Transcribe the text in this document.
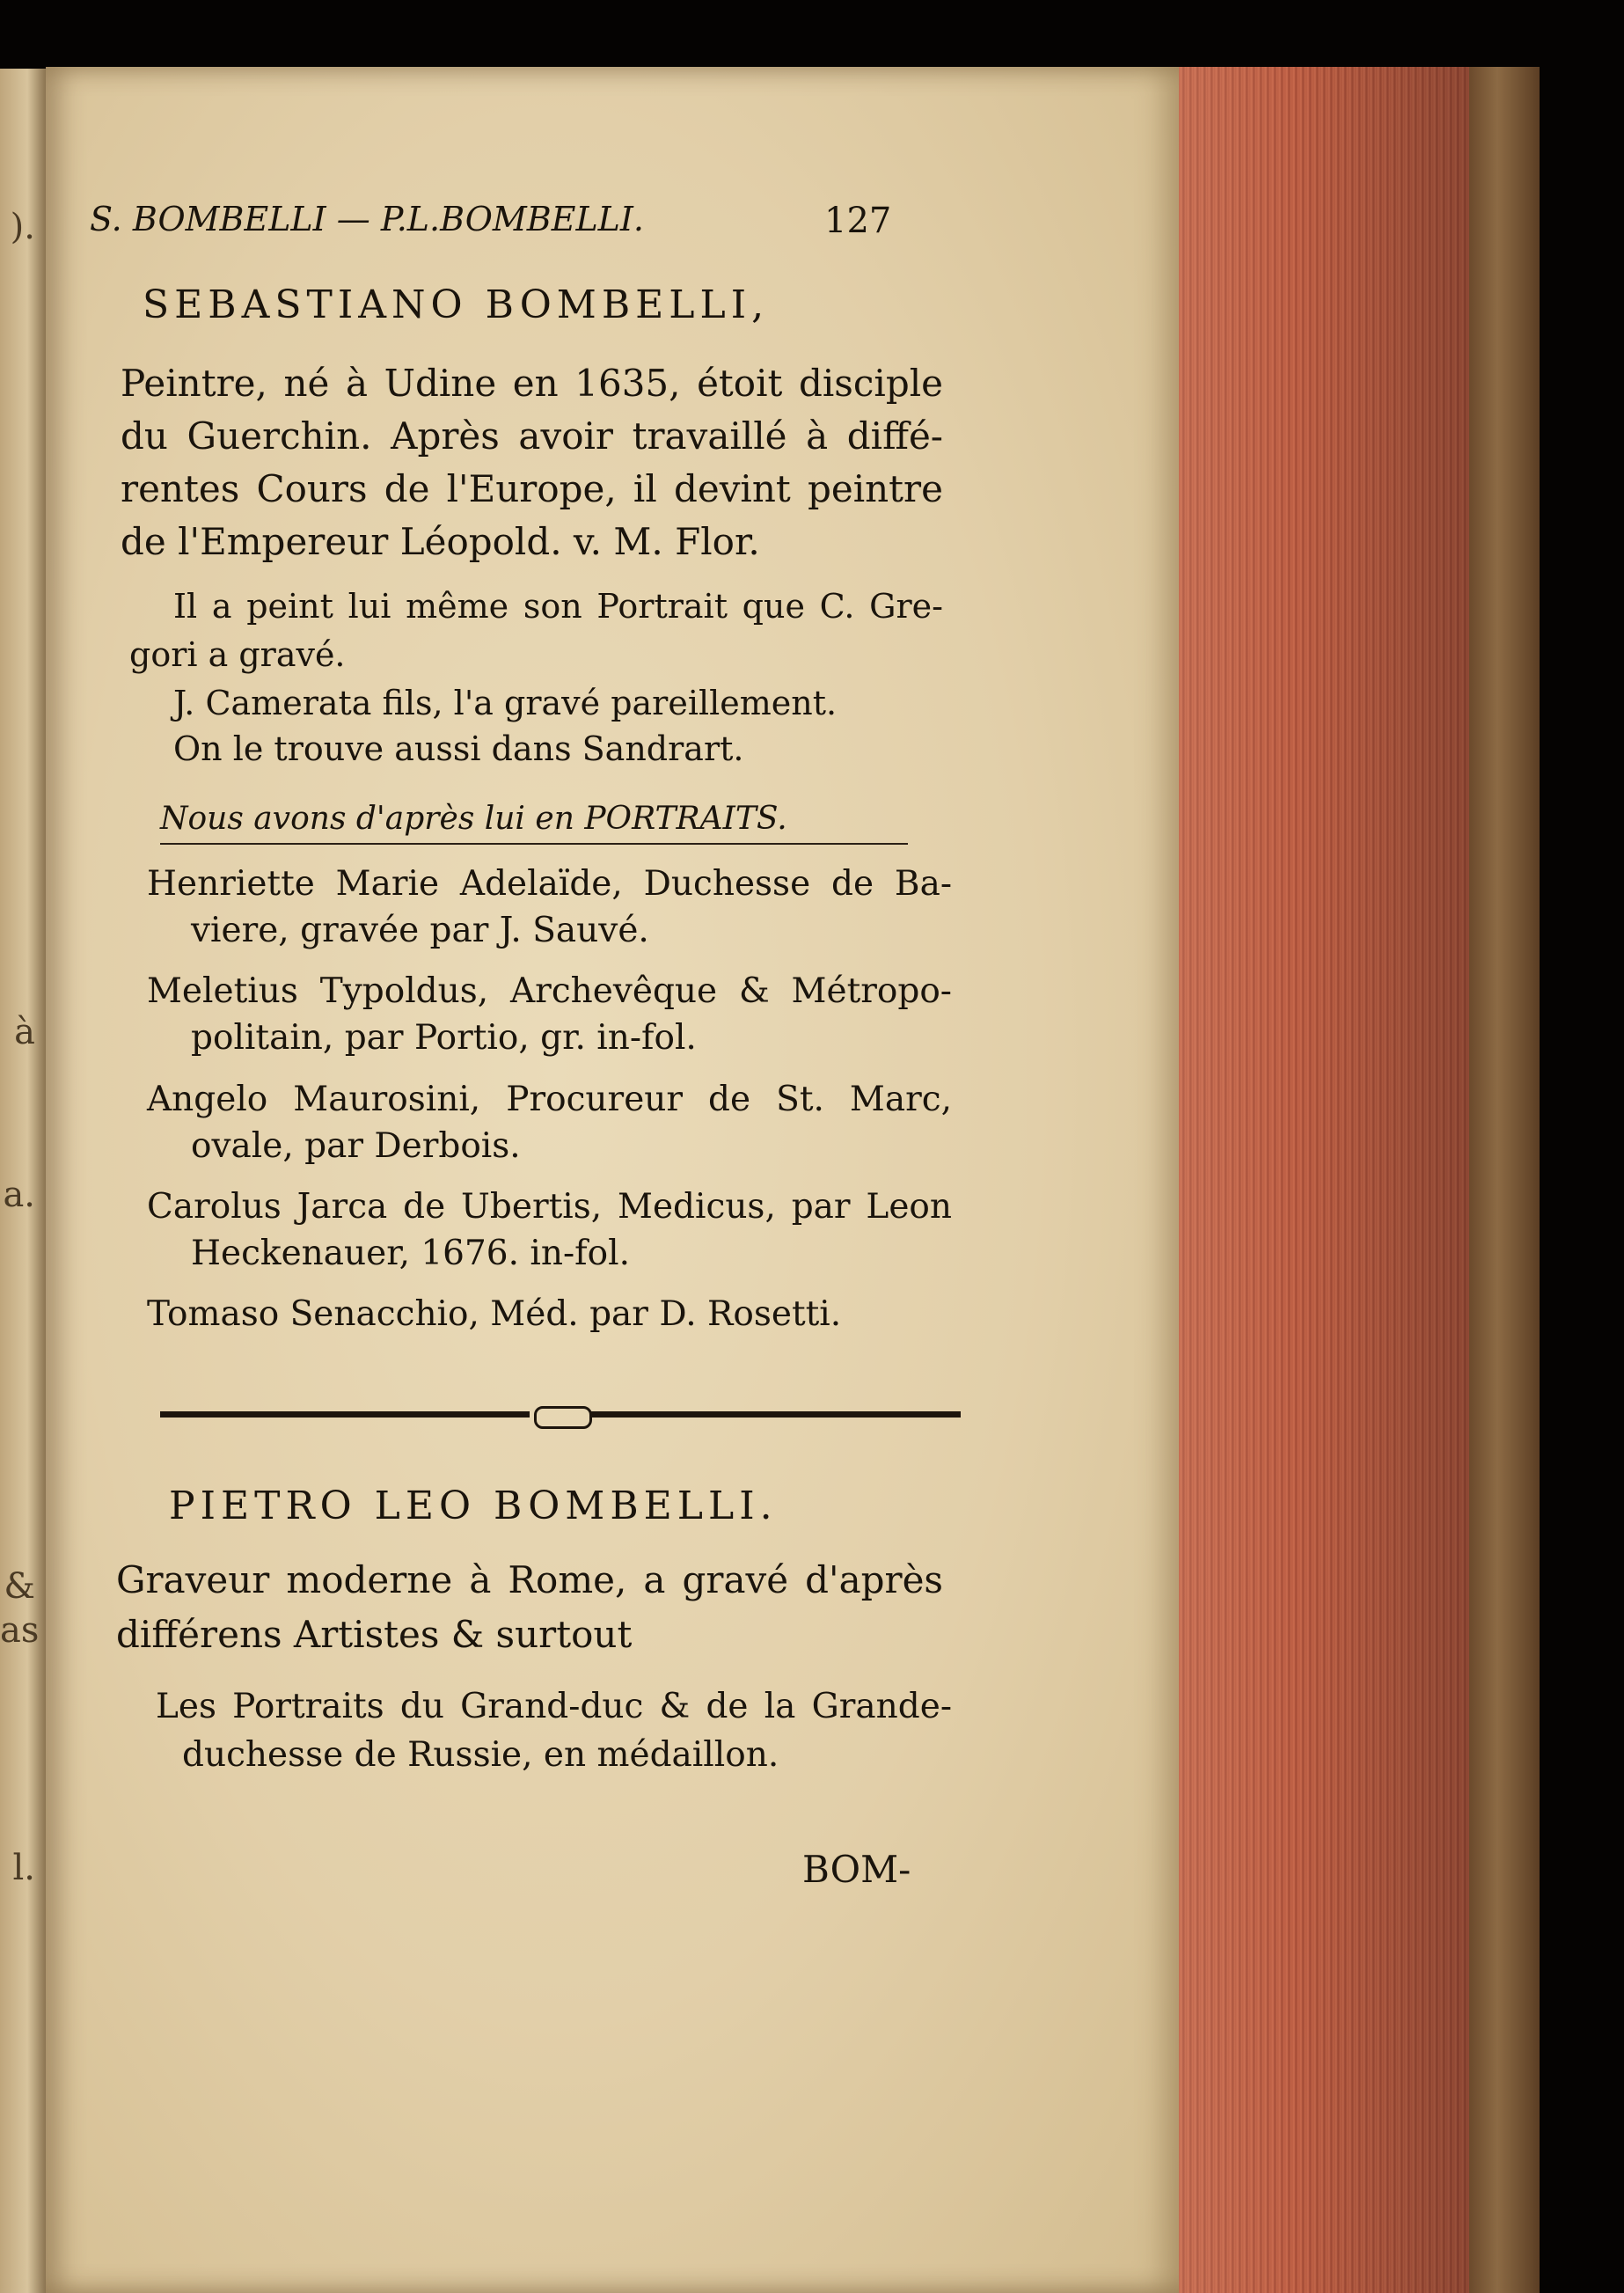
).
à
a.
&
as
l.
S. BOMBELLI — P.L.BOMBELLI.	127
SEBASTIANO BOMBELLI,
Peintre, né à Udine en 1635, étoit disciple
du Guerchin. Après avoir travaillé à diffé-
rentes Cours de l'Europe, il devint peintre
de l'Empereur Léopold. v. M. Flor.
Il a peint lui même son Portrait que C. Gre-
gori a gravé.
J. Camerata fils, l'a gravé pareillement.
On le trouve aussi dans Sandrart.
Nous avons d'après lui en PORTRAITS.
Henriette Marie Adelaïde, Duchesse de Ba-
viere, gravée par J. Sauvé.
Meletius Typoldus, Archevêque & Métropo-
politain, par Portio, gr. in-fol.
Angelo Maurosini, Procureur de St. Marc,
ovale, par Derbois.
Carolus Jarca de Ubertis, Medicus, par Leon
Heckenauer, 1676. in-fol.
Tomaso Senacchio, Méd. par D. Rosetti.
PIETRO LEO BOMBELLI.
Graveur moderne à Rome, a gravé d'après
différens Artistes & surtout
Les Portraits du Grand-duc & de la Grande-
duchesse de Russie, en médaillon.
BOM-
